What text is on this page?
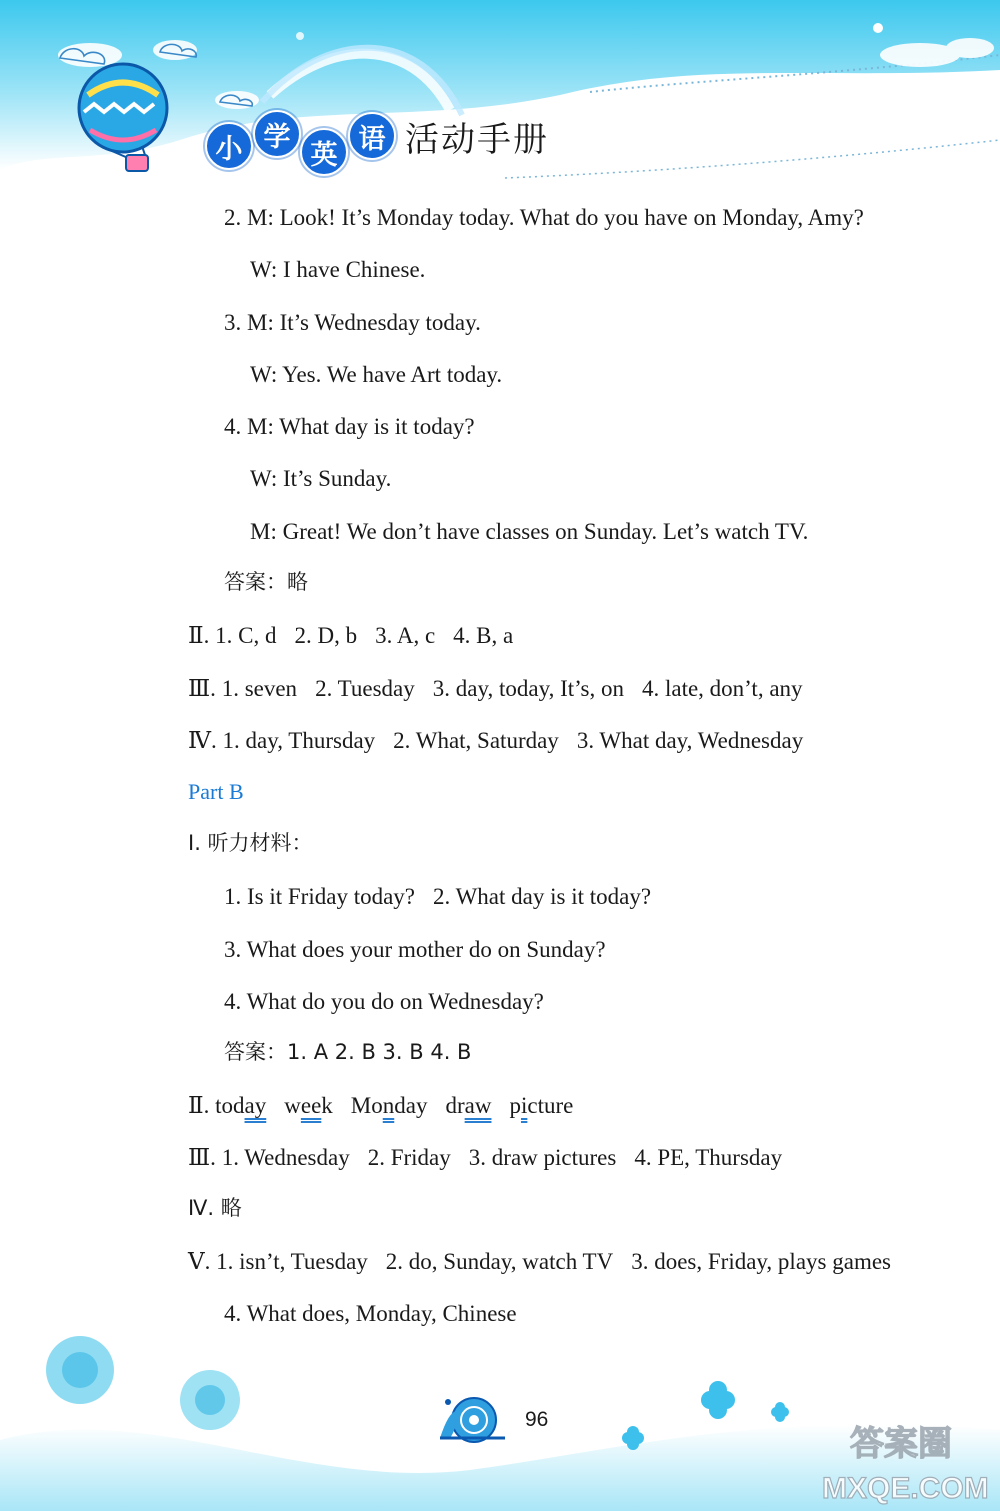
小 学
英
语 活动手册
2. M: Look! It’s Monday today. What do you have on Monday, Amy?
W: I have Chinese.
3. M: It’s Wednesday today.
W: Yes. We have Art today.
4. M: What day is it today?
W: It’s Sunday.
M: Great! We don’t have classes on Sunday. Let’s watch TV.
答案：略
Ⅱ. 1. C, d 2. D, b 3. A, c 4. B, a
Ⅲ. 1. seven 2. Tuesday 3. day, today, It’s, on 4. late, don’t, any
Ⅳ. 1. day, Thursday 2. What, Saturday 3. What day, Wednesday
Part B
Ⅰ. 听力材料：
1. Is it Friday today? 2. What day is it today?
3. What does your mother do on Sunday?
4. What do you do on Wednesday?
答案：1. A 2. B 3. B 4. B
Ⅱ. today week Monday draw picture
Ⅲ. 1. Wednesday 2. Friday 3. draw pictures 4. PE, Thursday
Ⅳ. 略
Ⅴ. 1. isn’t, Tuesday 2. do, Sunday, watch TV 3. does, Friday, plays games
4. What does, Monday, Chinese
答案圈
MXQE.COM
96
